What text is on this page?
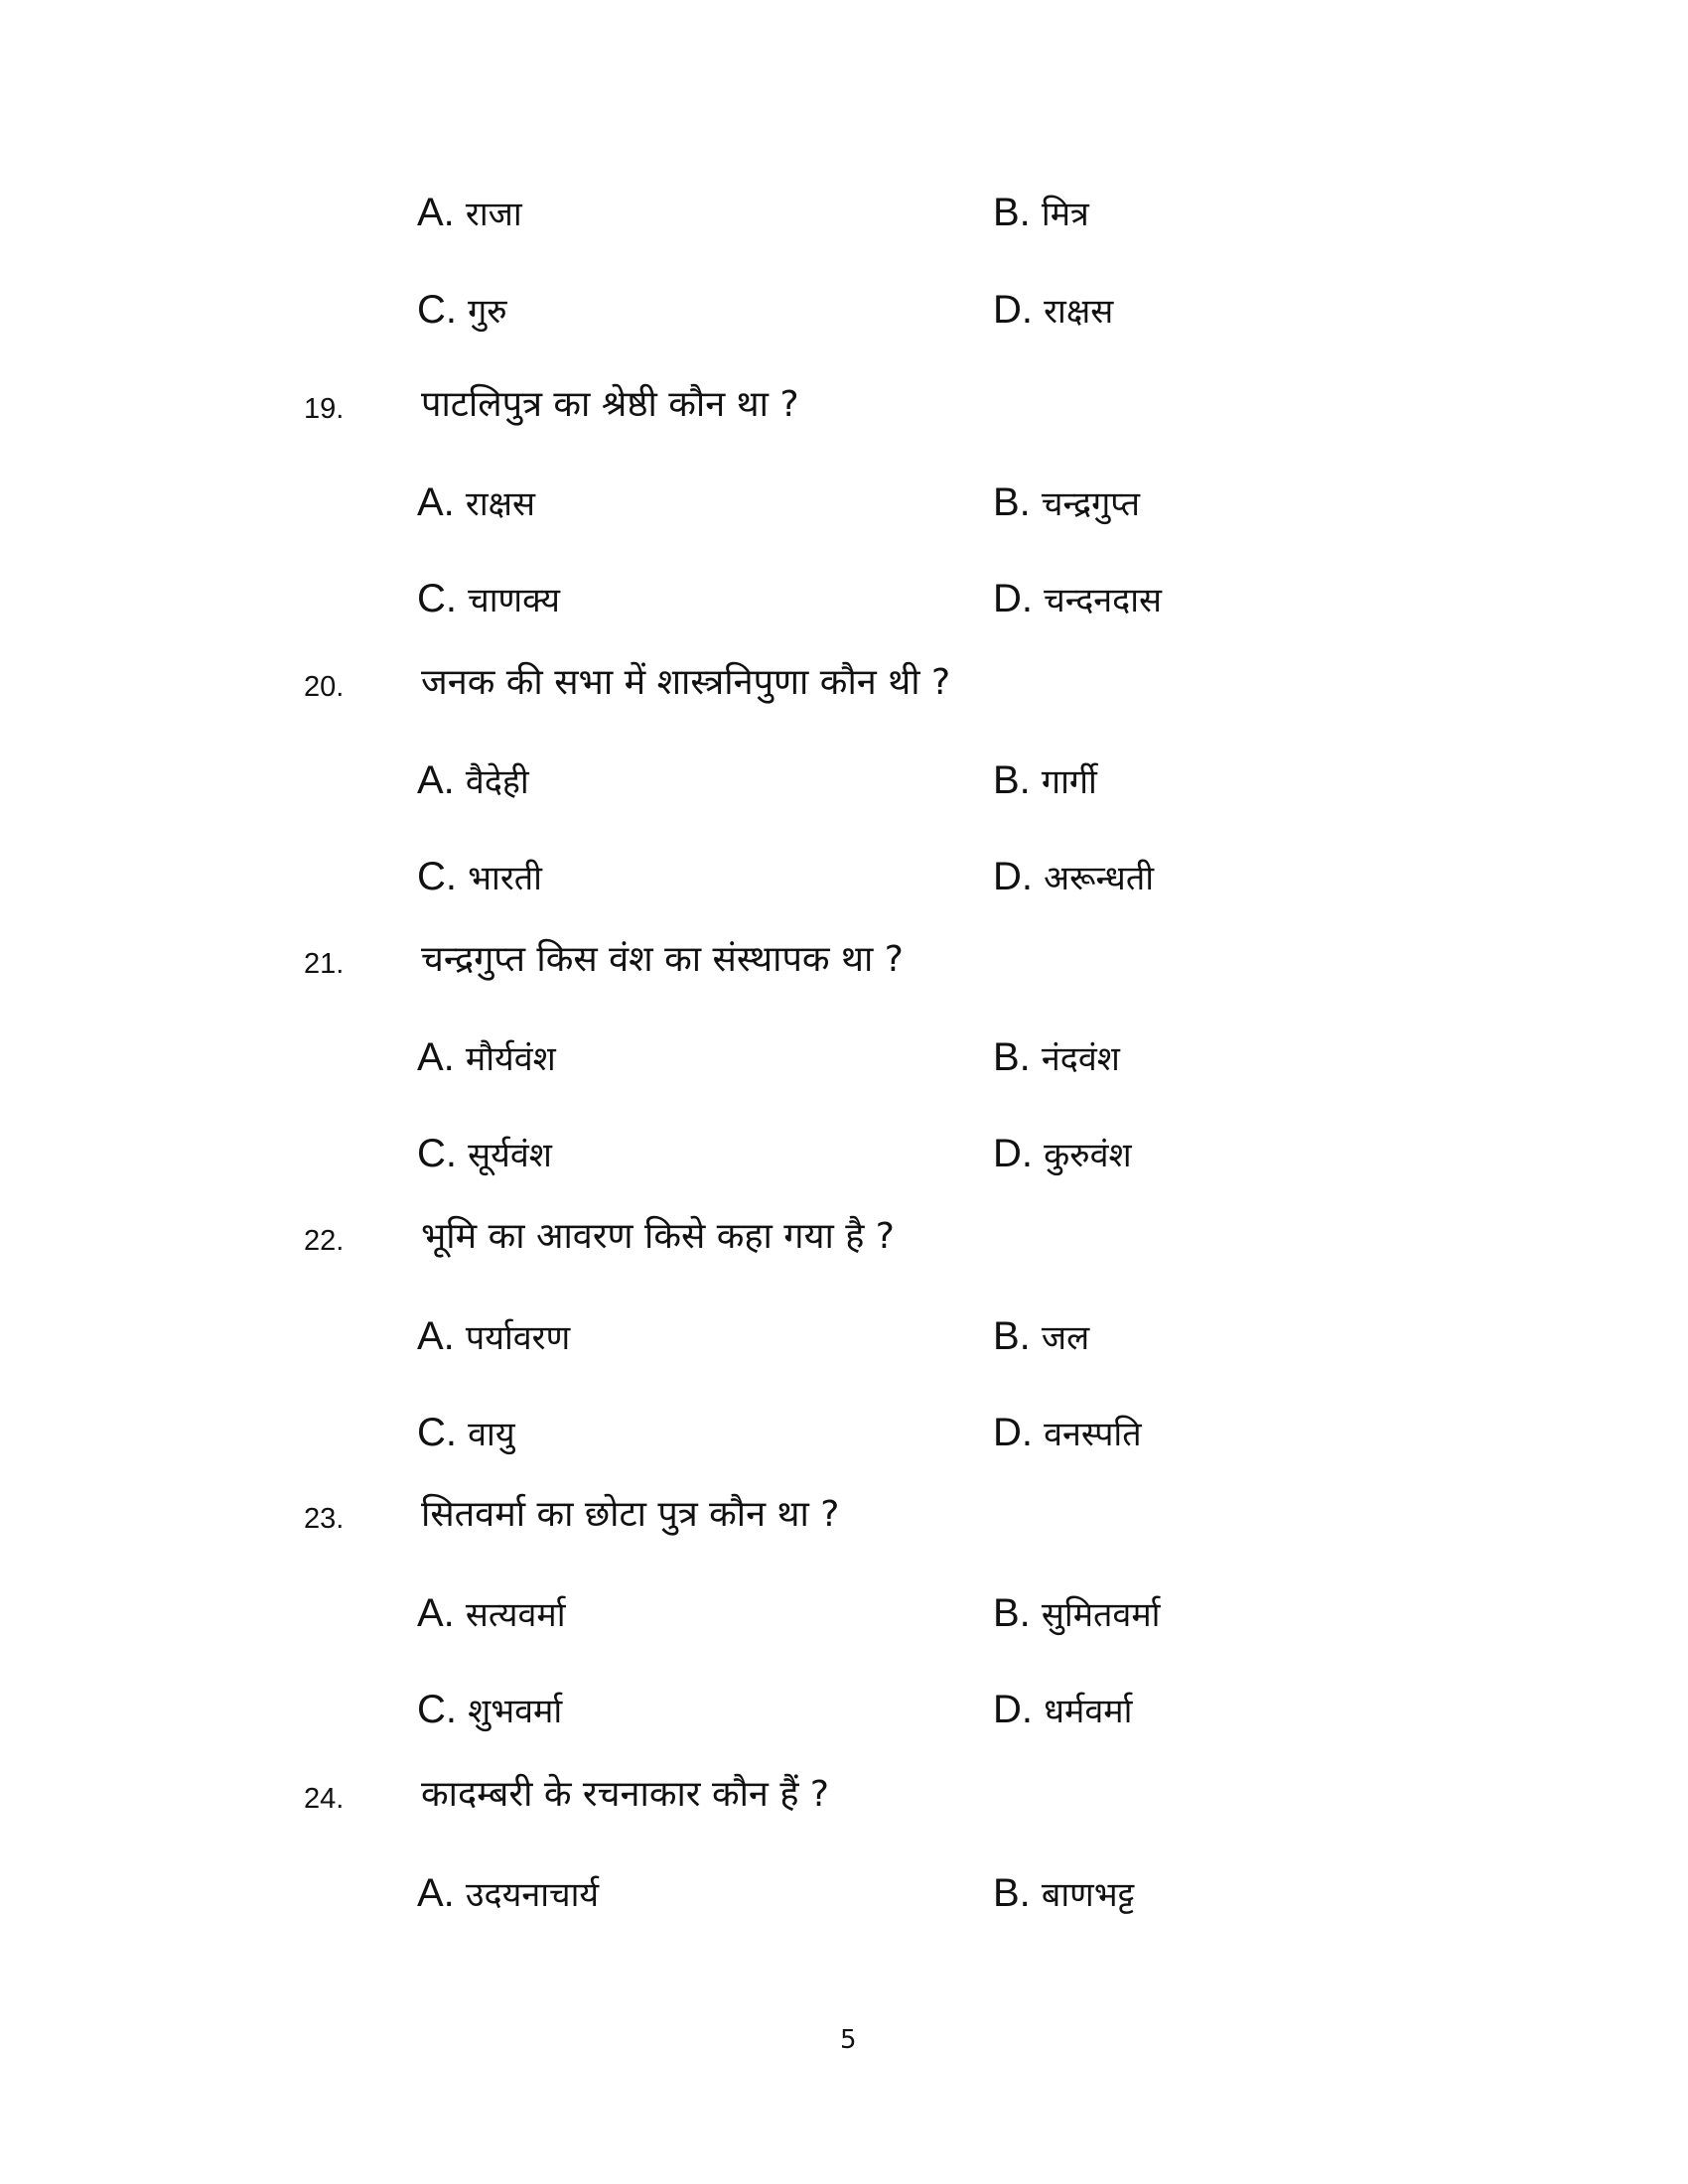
A. राजा	B. मित्र
C. गुरु	D. राक्षस
19. पाटलिपुत्र का श्रेष्ठी कौन था ?
A. राक्षस	B. चन्द्रगुप्त
C. चाणक्य	D. चन्दनदास
20. जनक की सभा में शास्त्रनिपुणा कौन थी ?
A. वैदेही	B. गार्गी
C. भारती	D. अरून्धती
21. चन्द्रगुप्त किस वंश का संस्थापक था ?
A. मौर्यवंश	B. नंदवंश
C. सूर्यवंश	D. कुरुवंश
22. भूमि का आवरण किसे कहा गया है ?
A. पर्यावरण	B. जल
C. वायु	D. वनस्पति
23. सितवर्मा का छोटा पुत्र कौन था ?
A. सत्यवर्मा	B. सुमितवर्मा
C. शुभवर्मा	D. धर्मवर्मा
24. कादम्बरी के रचनाकार कौन हैं ?
A. उदयनाचार्य	B. बाणभट्ट
5
